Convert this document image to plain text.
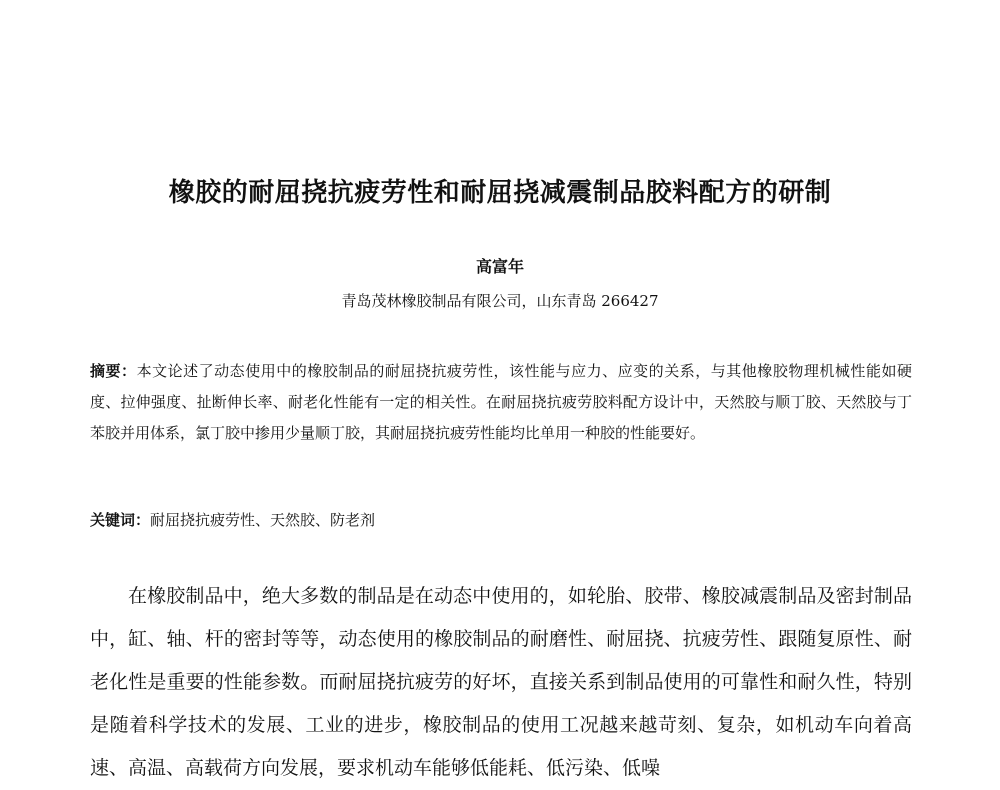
橡胶的耐屈挠抗疲劳性和耐屈挠减震制品胶料配方的研制
高富年
青岛茂林橡胶制品有限公司，山东青岛 266427

摘要：本文论述了动态使用中的橡胶制品的耐屈挠抗疲劳性，该性能与应力、应变的关系，与其他橡胶物理机械性能如硬度、拉伸强度、扯断伸长率、耐老化性能有一定的相关性。在耐屈挠抗疲劳胶料配方设计中，天然胶与顺丁胶、天然胶与丁苯胶并用体系，氯丁胶中掺用少量顺丁胶，其耐屈挠抗疲劳性能均比单用一种胶的性能要好。

关键词：耐屈挠抗疲劳性、天然胶、防老剂

在橡胶制品中，绝大多数的制品是在动态中使用的，如轮胎、胶带、橡胶减震制品及密封制品中，缸、轴、杆的密封等等，动态使用的橡胶制品的耐磨性、耐屈挠、抗疲劳性、跟随复原性、耐老化性是重要的性能参数。而耐屈挠抗疲劳的好坏，直接关系到制品使用的可靠性和耐久性，特别是随着科学技术的发展、工业的进步，橡胶制品的使用工况越来越苛刻、复杂，如机动车向着高速、高温、高载荷方向发展，要求机动车能够低能耗、低污染、低噪
